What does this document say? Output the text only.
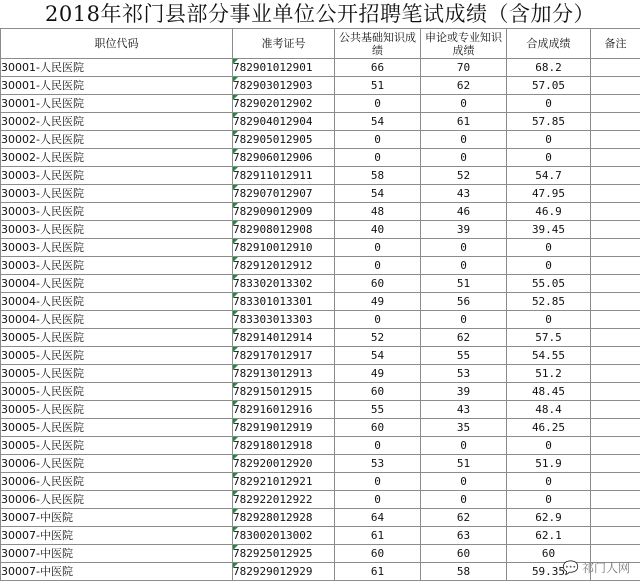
2018年祁门县部分事业单位公开招聘笔试成绩（含加分）
职位代码	准考证号	公共基础知识成绩	申论或专业知识成绩	合成成绩	备注
30001-人民医院	782901012901	66	70	68.2	
30001-人民医院	782903012903	51	62	57.05	
30001-人民医院	782902012902	0	0	0	
30002-人民医院	782904012904	54	61	57.85	
30002-人民医院	782905012905	0	0	0	
30002-人民医院	782906012906	0	0	0	
30003-人民医院	782911012911	58	52	54.7	
30003-人民医院	782907012907	54	43	47.95	
30003-人民医院	782909012909	48	46	46.9	
30003-人民医院	782908012908	40	39	39.45	
30003-人民医院	782910012910	0	0	0	
30003-人民医院	782912012912	0	0	0	
30004-人民医院	783302013302	60	51	55.05	
30004-人民医院	783301013301	49	56	52.85	
30004-人民医院	783303013303	0	0	0	
30005-人民医院	782914012914	52	62	57.5	
30005-人民医院	782917012917	54	55	54.55	
30005-人民医院	782913012913	49	53	51.2	
30005-人民医院	782915012915	60	39	48.45	
30005-人民医院	782916012916	55	43	48.4	
30005-人民医院	782919012919	60	35	46.25	
30005-人民医院	782918012918	0	0	0	
30006-人民医院	782920012920	53	51	51.9	
30006-人民医院	782921012921	0	0	0	
30006-人民医院	782922012922	0	0	0	
30007-中医院	782928012928	64	62	62.9	
30007-中医院	783002013002	61	63	62.1	
30007-中医院	782925012925	60	60	60	
30007-中医院	782929012929	61	58	59.35	
💬 祁门人网
